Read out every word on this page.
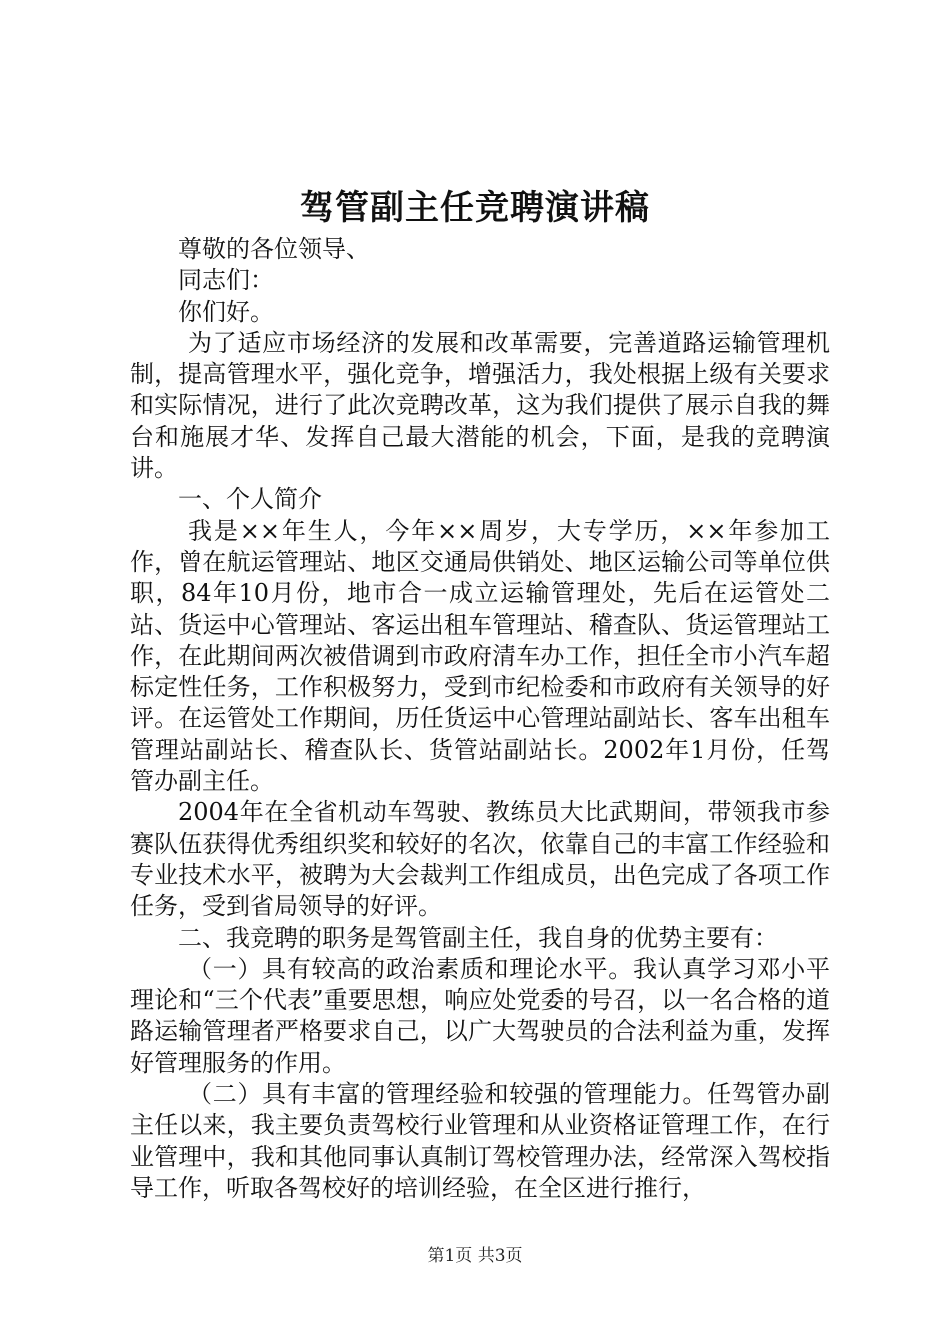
驾管副主任竞聘演讲稿

尊敬的各位领导、

同志们：

你们好。

为了适应市场经济的发展和改革需要，完善道路运输管理机制，提高管理水平，强化竞争，增强活力，我处根据上级有关要求和实际情况，进行了此次竞聘改革，这为我们提供了展示自我的舞台和施展才华、发挥自己最大潜能的机会，下面，是我的竞聘演讲。

一、个人简介

我是××年生人，今年××周岁，大专学历，××年参加工作，曾在航运管理站、地区交通局供销处、地区运输公司等单位供职，84年10月份，地市合一成立运输管理处，先后在运管处二站、货运中心管理站、客运出租车管理站、稽查队、货运管理站工作，在此期间两次被借调到市政府清车办工作，担任全市小汽车超标定性任务，工作积极努力，受到市纪检委和市政府有关领导的好评。在运管处工作期间，历任货运中心管理站副站长、客车出租车管理站副站长、稽查队长、货管站副站长。2002年1月份，任驾管办副主任。

2004年在全省机动车驾驶、教练员大比武期间，带领我市参赛队伍获得优秀组织奖和较好的名次，依靠自己的丰富工作经验和专业技术水平，被聘为大会裁判工作组成员，出色完成了各项工作任务，受到省局领导的好评。

二、我竞聘的职务是驾管副主任，我自身的优势主要有：

（一）具有较高的政治素质和理论水平。我认真学习邓小平理论和“三个代表”重要思想，响应处党委的号召，以一名合格的道路运输管理者严格要求自己，以广大驾驶员的合法利益为重，发挥好管理服务的作用。

（二）具有丰富的管理经验和较强的管理能力。任驾管办副主任以来，我主要负责驾校行业管理和从业资格证管理工作，在行业管理中，我和其他同事认真制订驾校管理办法，经常深入驾校指导工作，听取各驾校好的培训经验，在全区进行推行，

第1页 共3页
